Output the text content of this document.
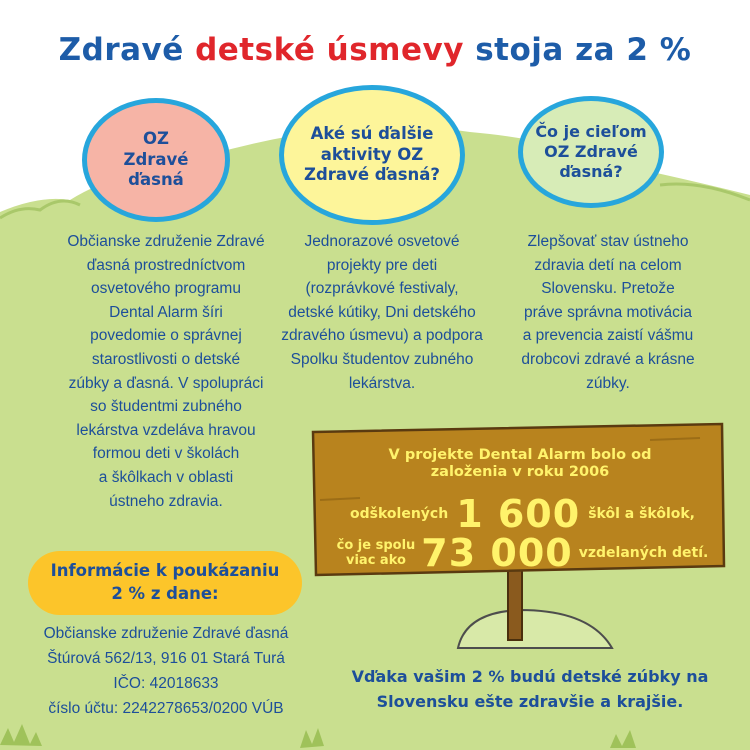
Zdravé detské úsmevy stoja za 2 %
OZ
Zdravé
ďasná
Aké sú ďalšie
aktivity OZ
Zdravé ďasná?
Čo je cieľom
OZ Zdravé
ďasná?
Občianske združenie Zdravé
ďasná prostredníctvom
osvetového programu
Dental Alarm šíri
povedomie o správnej
starostlivosti o detské
zúbky a ďasná. V spolupráci
so študentmi zubného
lekárstva vzdeláva hravou
formou deti v školách
a škôlkach v oblasti
ústneho zdravia.
Jednorazové osvetové
projekty pre deti
(rozprávkové festivaly,
detské kútiky, Dni detského
zdravého úsmevu) a podpora
Spolku študentov zubného
lekárstva.
Zlepšovať stav ústneho
zdravia detí na celom
Slovensku. Pretože
práve správna motivácia
a prevencia zaistí vášmu
drobcovi zdravé a krásne
zúbky.
V projekte Dental Alarm bolo od
založenia v roku 2006
odškolených 1 600 škôl a škôlok,
čo je spolu
viac ako 73 000 vzdelaných detí.
Informácie k poukázaniu
2 % z dane:
Občianske združenie Zdravé ďasná
Štúrová 562/13, 916 01 Stará Turá
IČO: 42018633
číslo účtu: 2242278653/0200 VÚB
Vďaka vašim 2 % budú detské zúbky na
Slovensku ešte zdravšie a krajšie.
